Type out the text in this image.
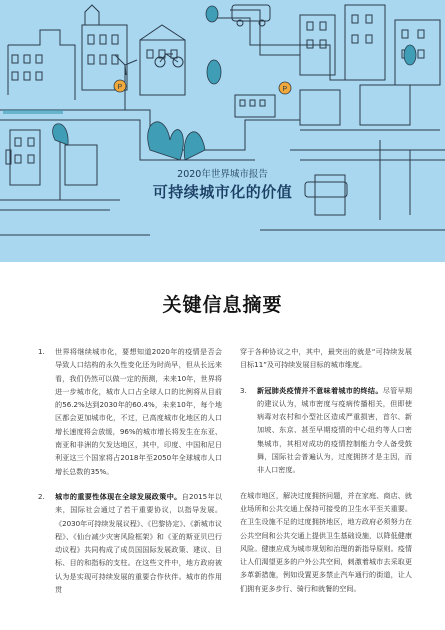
P	P
2020年世界城市报告
可持续城市化的价值
关键信息摘要
1. 世界将继续城市化，要想知道2020年的疫情是否会导致人口结构的永久性变化还为时尚早，但从长远来看，我们仍然可以做一定的预测，未来10年，世界将进一步城市化，城市人口占全球人口的比例将从目前的56.2%达到2030年的60.4%，未来10年，每个地区都会更加城市化，不过，已高度城市化地区的人口增长速度将会放缓，96%的城市增长将发生在东亚、南亚和非洲的欠发达地区，其中，印度、中国和尼日利亚这三个国家将占2018年至2050年全球城市人口增长总数的35%。
2. 城市的重要性体现在全球发展政策中。自2015年以来，国际社会通过了若干重要协议，以指导发展。《2030年可持续发展议程》、《巴黎协定》、《新城市议程》、《仙台减少灾害风险框架》和《亚的斯亚贝巴行动议程》共同构成了成员国国际发展政策、建议、目标、目的和指标的支柱。在这些文件中，地方政府被认为是实现可持续发展的重要合作伙伴。城市的作用贯
穿于各种协议之中，其中，最突出的就是“可持续发展目标11”及可持续发展目标的城市维度。
3. 新冠肺炎疫情并不意味着城市的终结。尽管早期的建议认为，城市密度与疫病传播相关，但即使病毒对农村和小型社区造成严重损害，首尔、新加坡、东京、甚至早期疫情的中心纽约等人口密集城市，其相对成功的疫情控制能力令人备受鼓舞，国际社会普遍认为，过度拥挤才是主因，而非人口密度。
在城市地区，解决过度拥挤问题，并在家庭、商店、就业场所和公共交通上保持可接受的卫生水平至关重要。在卫生设施不足的过度拥挤地区，地方政府必须努力在公共空间和公共交通上提供卫生基础设施，以降低健康风险。健康应成为城市规划和治理的新指导原则。疫情让人们渴望更多的户外公共空间，刺激着城市去采取更多革新措施，例如设置更多禁止汽车通行的街道，让人们拥有更多步行、骑行和就餐的空间。
